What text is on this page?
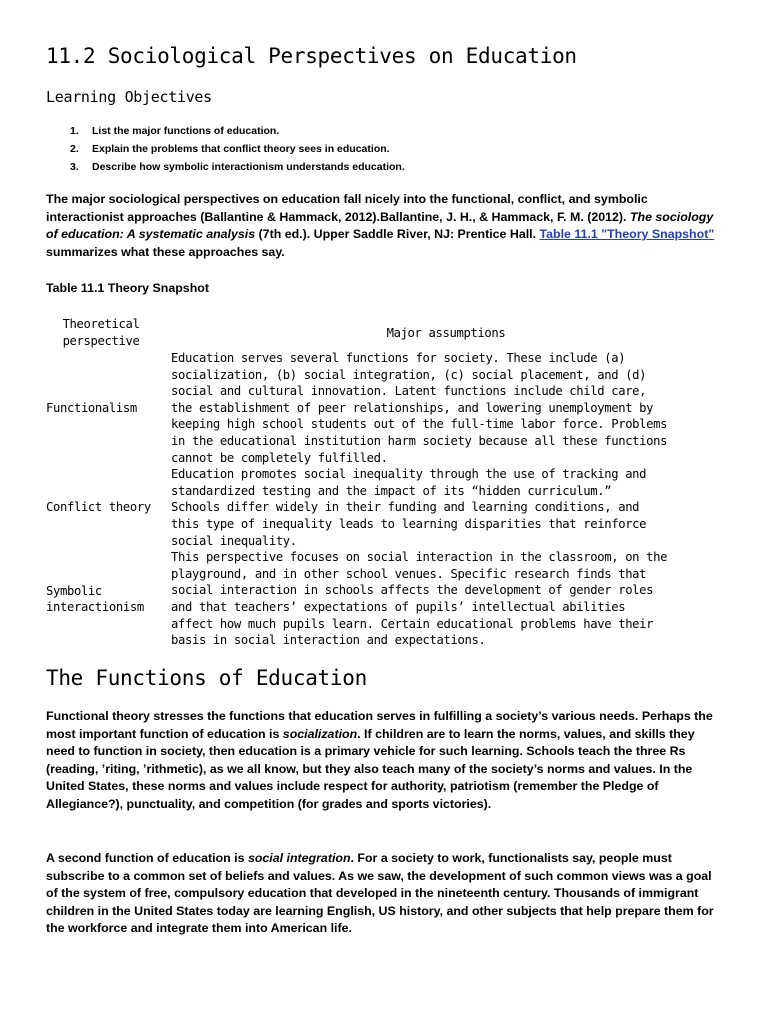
11.2 Sociological Perspectives on Education
Learning Objectives
1. List the major functions of education.
2. Explain the problems that conflict theory sees in education.
3. Describe how symbolic interactionism understands education.

The major sociological perspectives on education fall nicely into the functional, conflict, and symbolic interactionist approaches (Ballantine & Hammack, 2012).Ballantine, J. H., & Hammack, F. M. (2012). The sociology of education: A systematic analysis (7th ed.). Upper Saddle River, NJ: Prentice Hall. Table 11.1 "Theory Snapshot" summarizes what these approaches say.

Table 11.1 Theory Snapshot
Theoretical
perspective
Major assumptions
Functionalism
Education serves several functions for society. These include (a)
socialization, (b) social integration, (c) social placement, and (d)
social and cultural innovation. Latent functions include child care,
the establishment of peer relationships, and lowering unemployment by
keeping high school students out of the full-time labor force. Problems
in the educational institution harm society because all these functions
cannot be completely fulfilled.
Conflict theory
Education promotes social inequality through the use of tracking and
standardized testing and the impact of its “hidden curriculum.”
Schools differ widely in their funding and learning conditions, and
this type of inequality leads to learning disparities that reinforce
social inequality.
Symbolic
interactionism
This perspective focuses on social interaction in the classroom, on the
playground, and in other school venues. Specific research finds that
social interaction in schools affects the development of gender roles
and that teachers’ expectations of pupils’ intellectual abilities
affect how much pupils learn. Certain educational problems have their
basis in social interaction and expectations.
The Functions of Education

Functional theory stresses the functions that education serves in fulfilling a society’s various needs. Perhaps the most important function of education is socialization. If children are to learn the norms, values, and skills they need to function in society, then education is a primary vehicle for such learning. Schools teach the three Rs (reading, ’riting, ’rithmetic), as we all know, but they also teach many of the society’s norms and values. In the United States, these norms and values include respect for authority, patriotism (remember the Pledge of Allegiance?), punctuality, and competition (for grades and sports victories).

A second function of education is social integration. For a society to work, functionalists say, people must subscribe to a common set of beliefs and values. As we saw, the development of such common views was a goal of the system of free, compulsory education that developed in the nineteenth century. Thousands of immigrant children in the United States today are learning English, US history, and other subjects that help prepare them for the workforce and integrate them into American life.
